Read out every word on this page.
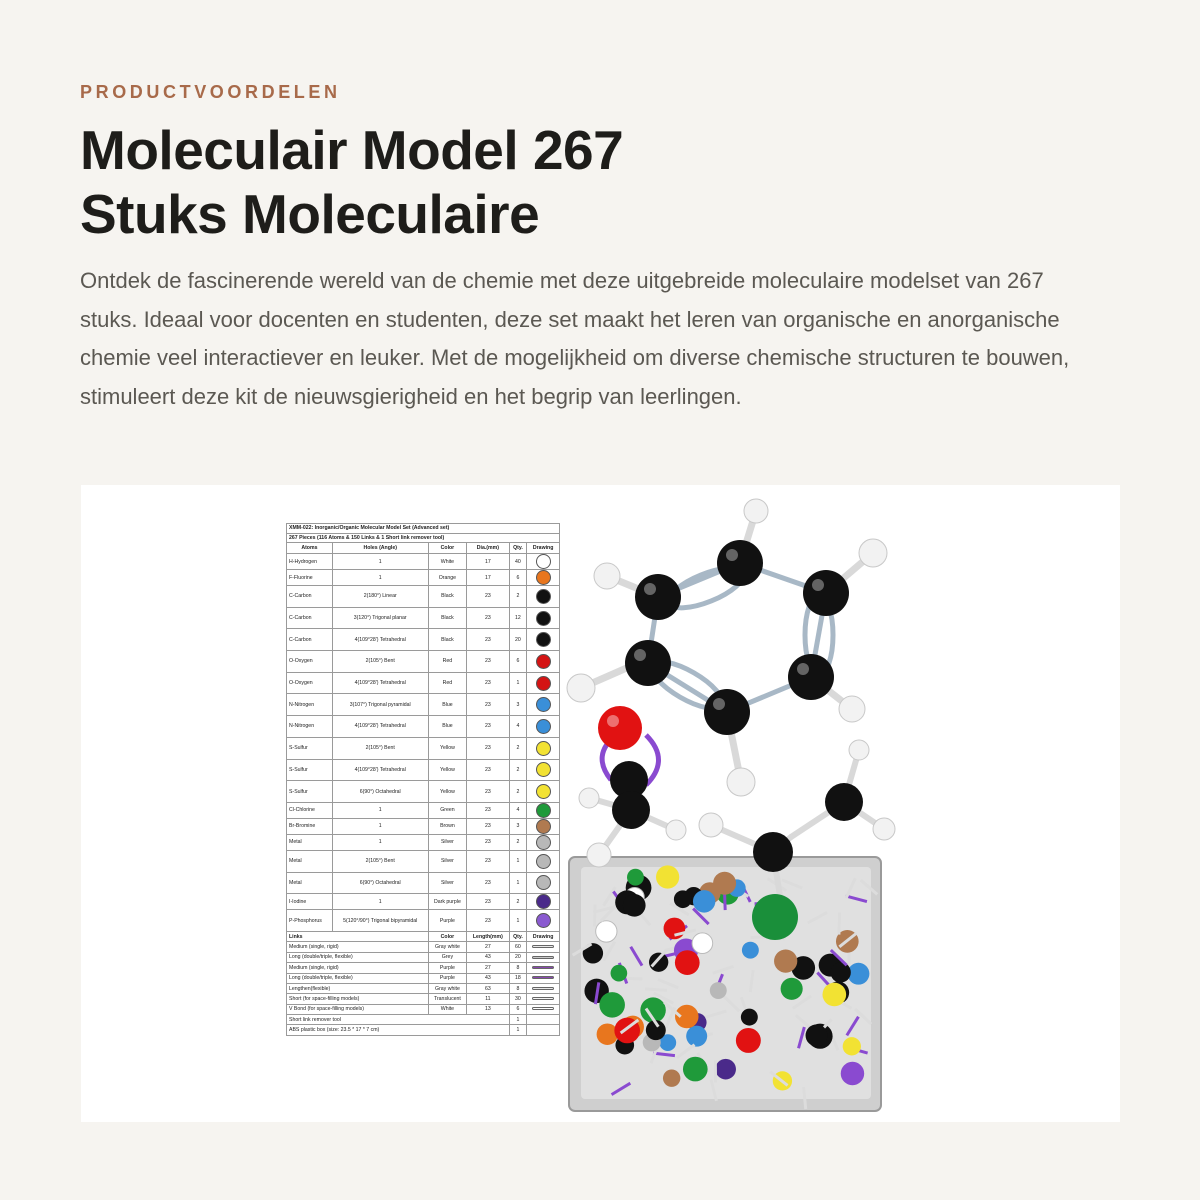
PRODUCTVOORDELEN
Moleculair Model 267
Stuks Moleculaire

Ontdek de fascinerende wereld van de chemie met deze uitgebreide moleculaire modelset van 267 stuks. Ideaal voor docenten en studenten, deze set maakt het leren van organische en anorganische chemie veel interactiever en leuker. Met de mogelijkheid om diverse chemische structuren te bouwen, stimuleert deze kit de nieuwsgierigheid en het begrip van leerlingen.

XMM-022: Inorganic/Organic Molecular Model Set (Advanced set)					
267 Pieces (116 Atoms & 150 Links & 1 Short link remover tool)					
Atoms	Holes (Angle)	Color	Dia.(mm)	Qty.	Drawing
H-Hydrogen	1	White	17	40	
F-Fluorine	1	Orange	17	6	
C-Carbon	2(180°) Linear	Black	23	2	
C-Carbon	3(120°) Trigonal planar	Black	23	12	
C-Carbon	4(109°28') Tetrahedral	Black	23	20	
O-Oxygen	2(105°) Bent	Red	23	6	
O-Oxygen	4(109°28') Tetrahedral	Red	23	1	
N-Nitrogen	3(107°) Trigonal pyramidal	Blue	23	3	
N-Nitrogen	4(109°28') Tetrahedral	Blue	23	4	
S-Sulfur	2(105°) Bent	Yellow	23	2	
S-Sulfur	4(109°28') Tetrahedral	Yellow	23	2	
S-Sulfur	6(90°) Octahedral	Yellow	23	2	
Cl-Chlorine	1	Green	23	4	
Br-Bromine	1	Brown	23	3	
Metal	1	Silver	23	2	
Metal	2(105°) Bent	Silver	23	1	
Metal	6(90°) Octahedral	Silver	23	1	
I-Iodine	1	Dark purple	23	2	
P-Phosphorus	5(120°/90°) Trigonal bipyramidal	Purple	23	1	
Links		Color	Length(mm)	Qty.	Drawing
Medium (single, rigid)		Gray white	27	60	
Long (double/triple, flexible)		Grey	43	20	
Medium (single, rigid)		Purple	27	8	
Long (double/triple, flexible)		Purple	43	18	
Lengthen(flexible)		Gray white	63	8	
Short (for space-filling models)		Translucent	11	30	
V Bond (for space-filling models)		White	13	6	
Short link remover tool				1	
ABS plastic box (size: 23.5 * 17 * 7 cm)				1	
